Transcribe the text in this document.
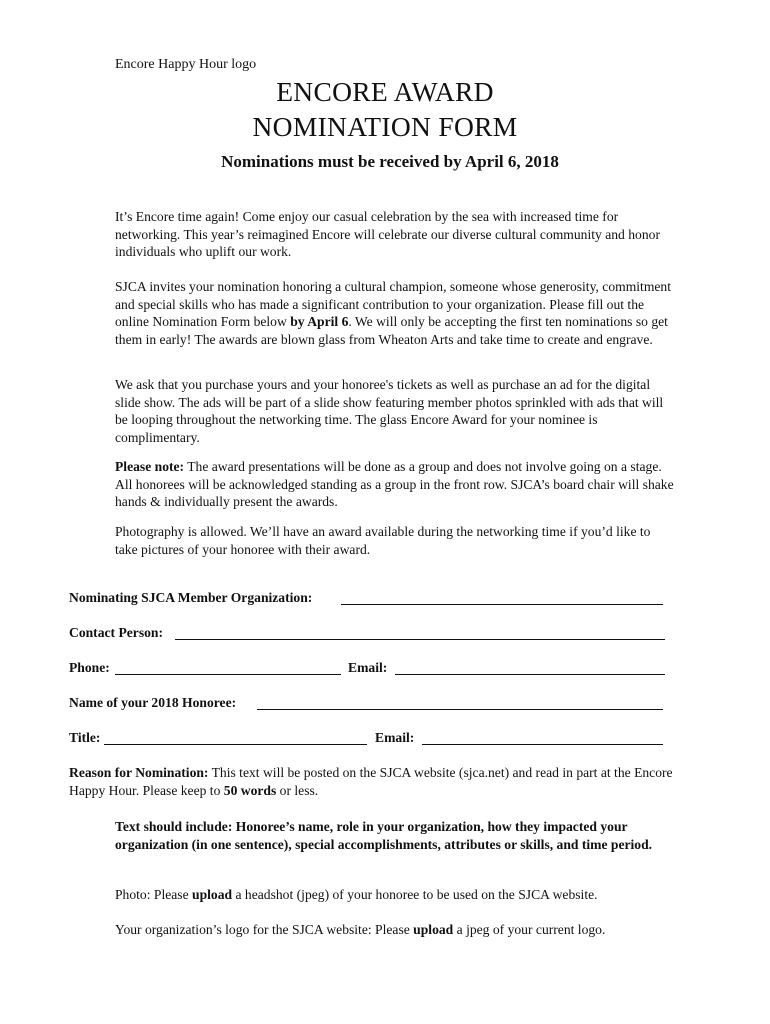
Encore Happy Hour logo
ENCORE AWARD
NOMINATION FORM
Nominations must be received by April 6, 2018
It’s Encore time again! Come enjoy our casual celebration by the sea with increased time for networking. This year’s reimagined Encore will celebrate our diverse cultural community and honor individuals who uplift our work.
SJCA invites your nomination honoring a cultural champion, someone whose generosity, commitment and special skills who has made a significant contribution to your organization. Please fill out the online Nomination Form below by April 6. We will only be accepting the first ten nominations so get them in early! The awards are blown glass from Wheaton Arts and take time to create and engrave.
We ask that you purchase yours and your honoree's tickets as well as purchase an ad for the digital slide show. The ads will be part of a slide show featuring member photos sprinkled with ads that will be looping throughout the networking time. The glass Encore Award for your nominee is complimentary.
Please note: The award presentations will be done as a group and does not involve going on a stage. All honorees will be acknowledged standing as a group in the front row. SJCA’s board chair will shake hands & individually present the awards.
Photography is allowed. We’ll have an award available during the networking time if you’d like to take pictures of your honoree with their award.
Nominating SJCA Member Organization:
Contact Person:
Phone:	Email:
Name of your 2018 Honoree:
Title:	Email:
Reason for Nomination: This text will be posted on the SJCA website (sjca.net) and read in part at the Encore Happy Hour. Please keep to 50 words or less.
Text should include: Honoree’s name, role in your organization, how they impacted your organization (in one sentence), special accomplishments, attributes or skills, and time period.
Photo: Please upload a headshot (jpeg) of your honoree to be used on the SJCA website.
Your organization’s logo for the SJCA website: Please upload a jpeg of your current logo.
